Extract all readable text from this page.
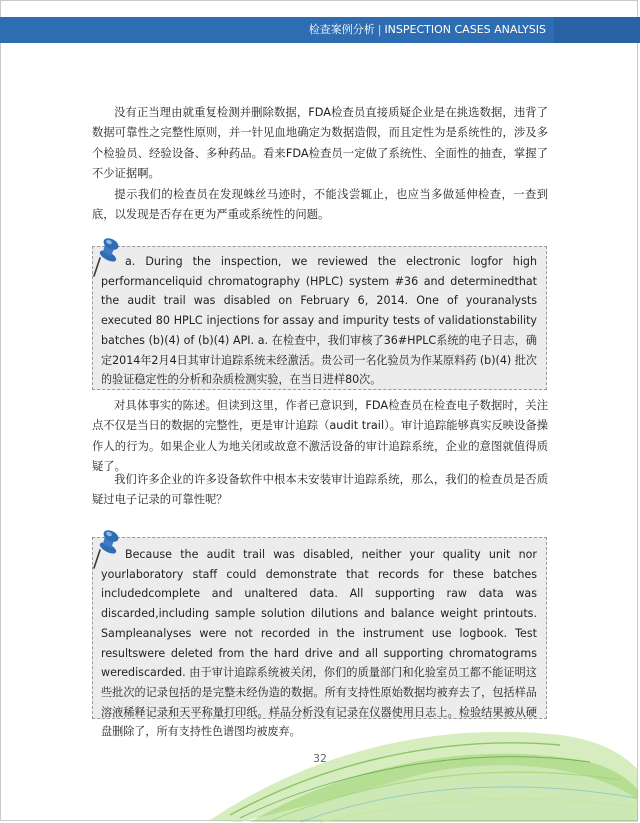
检查案例分析 | INSPECTION CASES ANALYSIS

没有正当理由就重复检测并删除数据，FDA检查员直接质疑企业是在挑选数据，违背了数据可靠性之完整性原则，并一针见血地确定为数据造假，而且定性为是系统性的，涉及多个检验员、经验设备、多种药品。看来FDA检查员一定做了系统性、全面性的抽查，掌握了不少证据啊。

提示我们的检查员在发现蛛丝马迹时，不能浅尝辄止，也应当多做延伸检查，一查到底，以发现是否存在更为严重或系统性的问题。

a. During the inspection, we reviewed the electronic logfor high performanceliquid chromatography (HPLC) system #36 and determinedthat the audit trail was disabled on February 6, 2014. One of youranalysts executed 80 HPLC injections for assay and impurity tests of validationstability batches (b)(4) of (b)(4) API. a. 在检查中，我们审核了36#HPLC系统的电子日志，确定2014年2月4日其审计追踪系统未经激活。贵公司一名化验员为作某原料药 (b)(4) 批次的验证稳定性的分析和杂质检测实验，在当日进样80次。

对具体事实的陈述。但读到这里，作者已意识到，FDA检查员在检查电子数据时，关注点不仅是当日的数据的完整性，更是审计追踪（audit trail）。审计追踪能够真实反映设备操作人的行为。如果企业人为地关闭或故意不激活设备的审计追踪系统，企业的意图就值得质疑了。

我们许多企业的许多设备软件中根本未安装审计追踪系统，那么，我们的检查员是否质疑过电子记录的可靠性呢？

Because the audit trail was disabled, neither your quality unit nor yourlaboratory staff could demonstrate that records for these batches includedcomplete and unaltered data. All supporting raw data was discarded,including sample solution dilutions and balance weight printouts. Sampleanalyses were not recorded in the instrument use logbook. Test resultswere deleted from the hard drive and all supporting chromatograms werediscarded. 由于审计追踪系统被关闭，你们的质量部门和化验室员工都不能证明这些批次的记录包括的是完整未经伪造的数据。所有支持性原始数据均被弃去了，包括样品溶液稀释记录和天平称量打印纸。样品分析没有记录在仪器使用日志上。检验结果被从硬盘删除了，所有支持性色谱图均被废弃。

32
